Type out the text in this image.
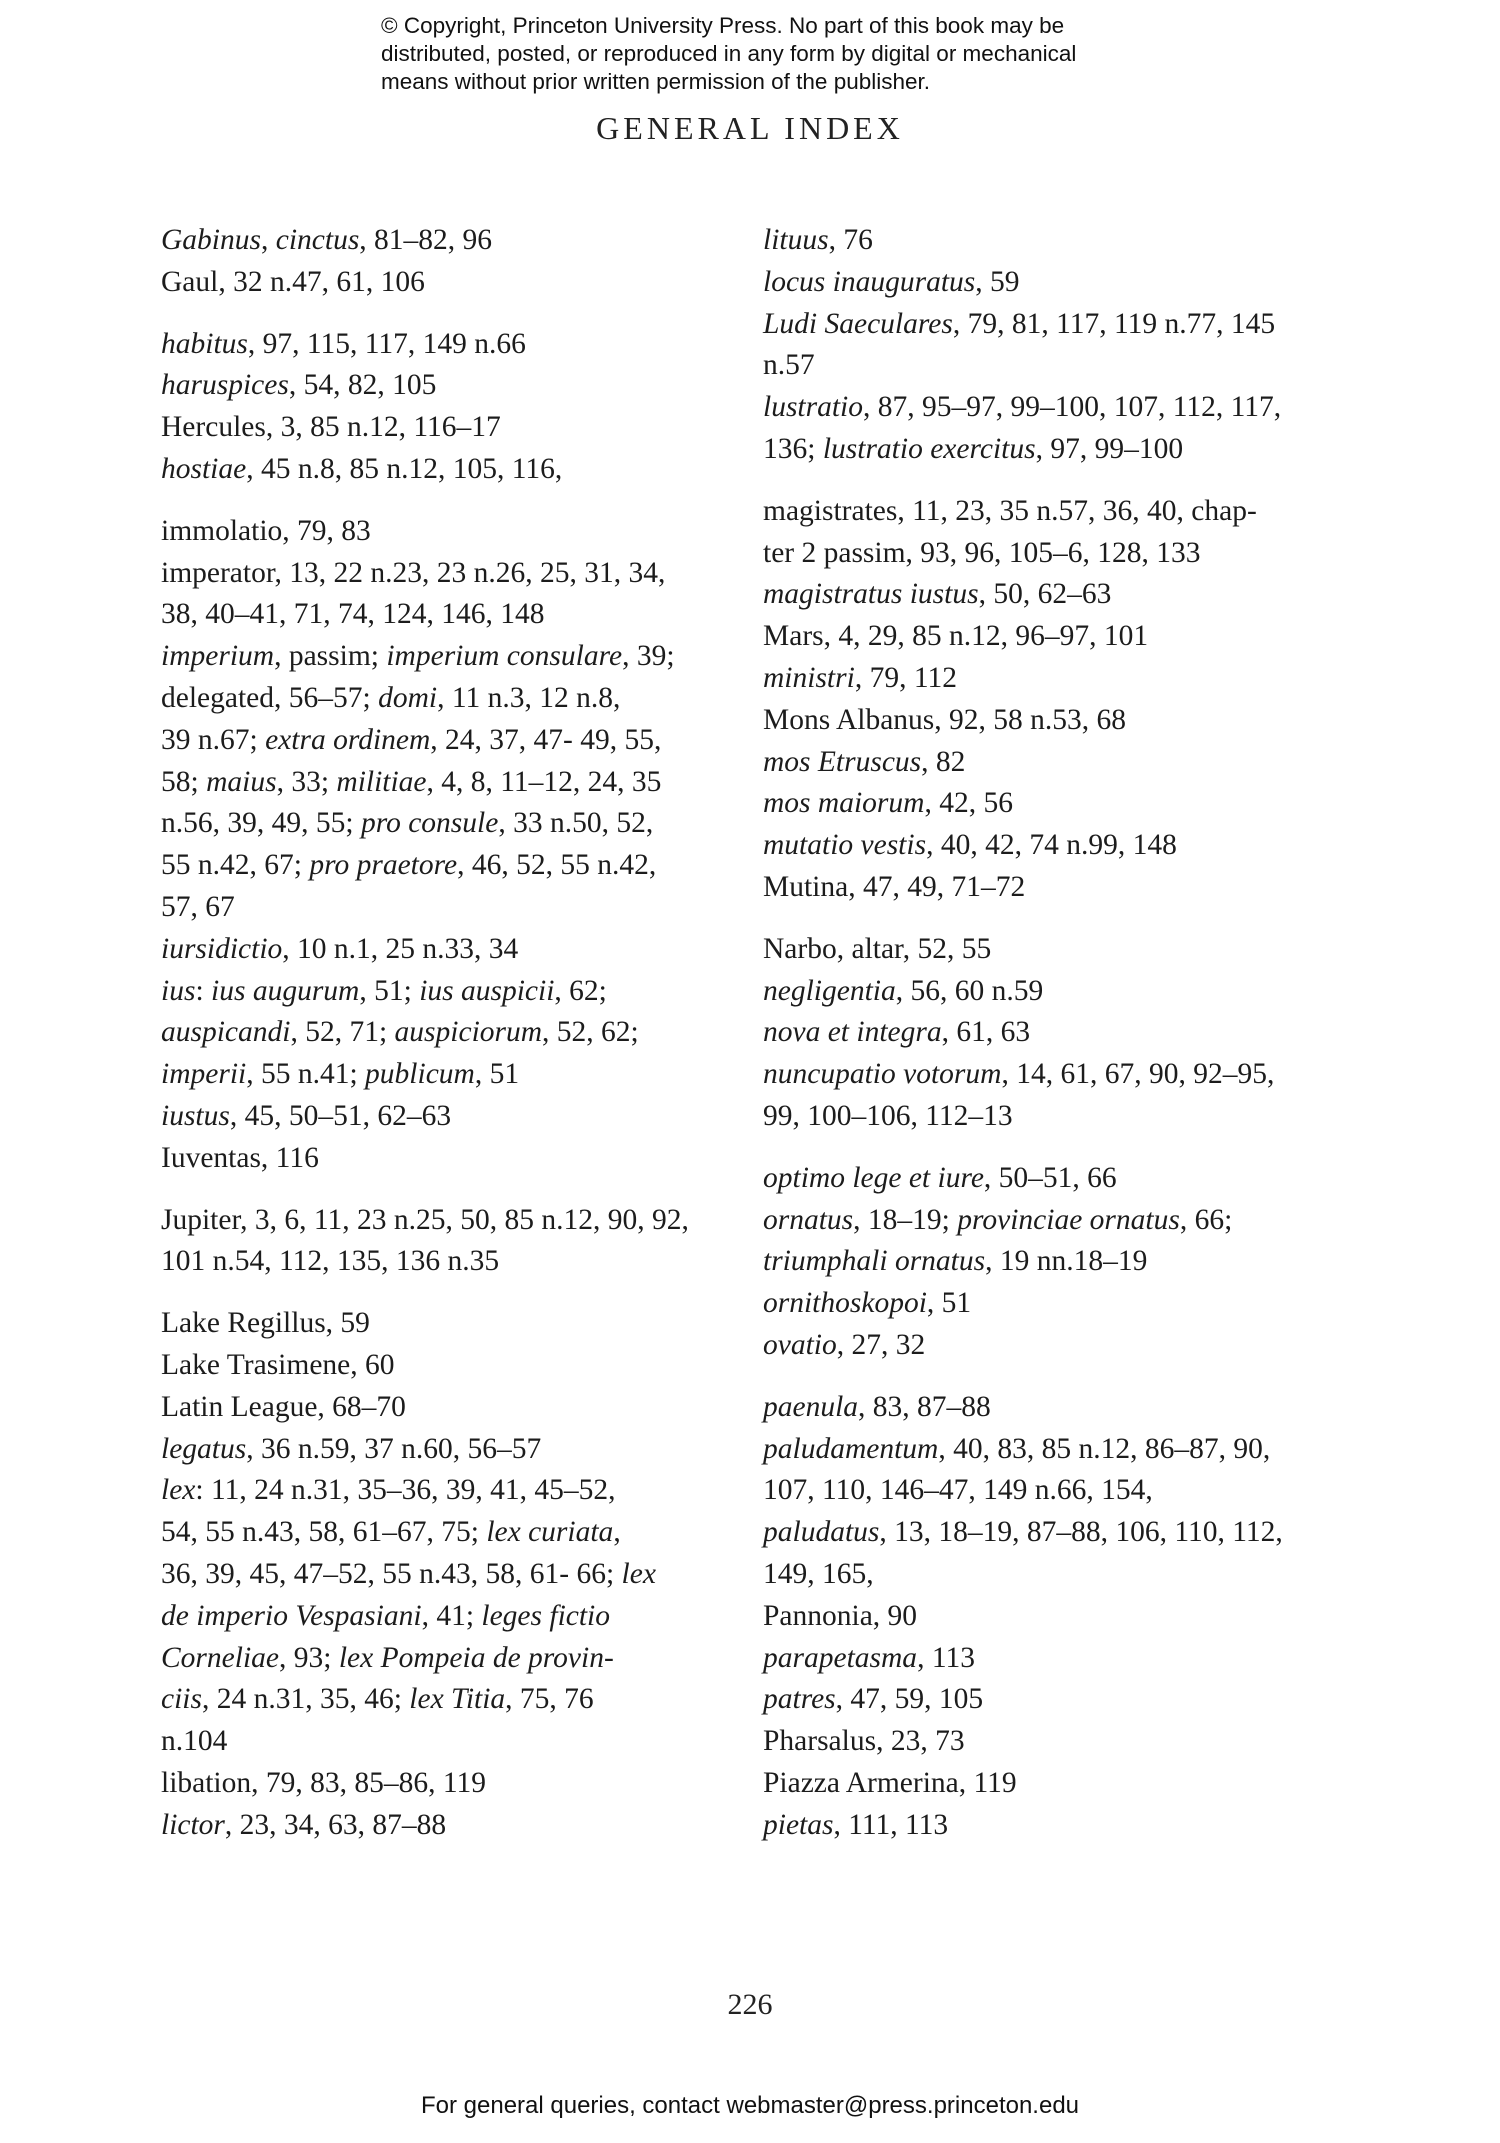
© Copyright, Princeton University Press. No part of this book may be
distributed, posted, or reproduced in any form by digital or mechanical
means without prior written permission of the publisher.
GENERAL INDEX
Gabinus, cinctus, 81–82, 96
Gaul, 32 n.47, 61, 106
habitus, 97, 115, 117, 149 n.66
haruspices, 54, 82, 105
Hercules, 3, 85 n.12, 116–17
hostiae, 45 n.8, 85 n.12, 105, 116,
immolatio, 79, 83
imperator, 13, 22 n.23, 23 n.26, 25, 31, 34,
38, 40–41, 71, 74, 124, 146, 148
imperium, passim; imperium consulare, 39;
delegated, 56–57; domi, 11 n.3, 12 n.8,
39 n.67; extra ordinem, 24, 37, 47- 49, 55,
58; maius, 33; militiae, 4, 8, 11–12, 24, 35
n.56, 39, 49, 55; pro consule, 33 n.50, 52,
55 n.42, 67; pro praetore, 46, 52, 55 n.42,
57, 67
iursidictio, 10 n.1, 25 n.33, 34
ius: ius augurum, 51; ius auspicii, 62;
auspicandi, 52, 71; auspiciorum, 52, 62;
imperii, 55 n.41; publicum, 51
iustus, 45, 50–51, 62–63
Iuventas, 116
Jupiter, 3, 6, 11, 23 n.25, 50, 85 n.12, 90, 92,
101 n.54, 112, 135, 136 n.35
Lake Regillus, 59
Lake Trasimene, 60
Latin League, 68–70
legatus, 36 n.59, 37 n.60, 56–57
lex: 11, 24 n.31, 35–36, 39, 41, 45–52,
54, 55 n.43, 58, 61–67, 75; lex curiata,
36, 39, 45, 47–52, 55 n.43, 58, 61- 66; lex
de imperio Vespasiani, 41; leges fictio
Corneliae, 93; lex Pompeia de provin-
ciis, 24 n.31, 35, 46; lex Titia, 75, 76
n.104
libation, 79, 83, 85–86, 119
lictor, 23, 34, 63, 87–88
lituus, 76
locus inauguratus, 59
Ludi Saeculares, 79, 81, 117, 119 n.77, 145
n.57
lustratio, 87, 95–97, 99–100, 107, 112, 117,
136; lustratio exercitus, 97, 99–100
magistrates, 11, 23, 35 n.57, 36, 40, chap-
ter 2 passim, 93, 96, 105–6, 128, 133
magistratus iustus, 50, 62–63
Mars, 4, 29, 85 n.12, 96–97, 101
ministri, 79, 112
Mons Albanus, 92, 58 n.53, 68
mos Etruscus, 82
mos maiorum, 42, 56
mutatio vestis, 40, 42, 74 n.99, 148
Mutina, 47, 49, 71–72
Narbo, altar, 52, 55
negligentia, 56, 60 n.59
nova et integra, 61, 63
nuncupatio votorum, 14, 61, 67, 90, 92–95,
99, 100–106, 112–13
optimo lege et iure, 50–51, 66
ornatus, 18–19; provinciae ornatus, 66;
triumphali ornatus, 19 nn.18–19
ornithoskopoi, 51
ovatio, 27, 32
paenula, 83, 87–88
paludamentum, 40, 83, 85 n.12, 86–87, 90,
107, 110, 146–47, 149 n.66, 154,
paludatus, 13, 18–19, 87–88, 106, 110, 112,
149, 165,
Pannonia, 90
parapetasma, 113
patres, 47, 59, 105
Pharsalus, 23, 73
Piazza Armerina, 119
pietas, 111, 113
226
For general queries, contact webmaster@press.princeton.edu
